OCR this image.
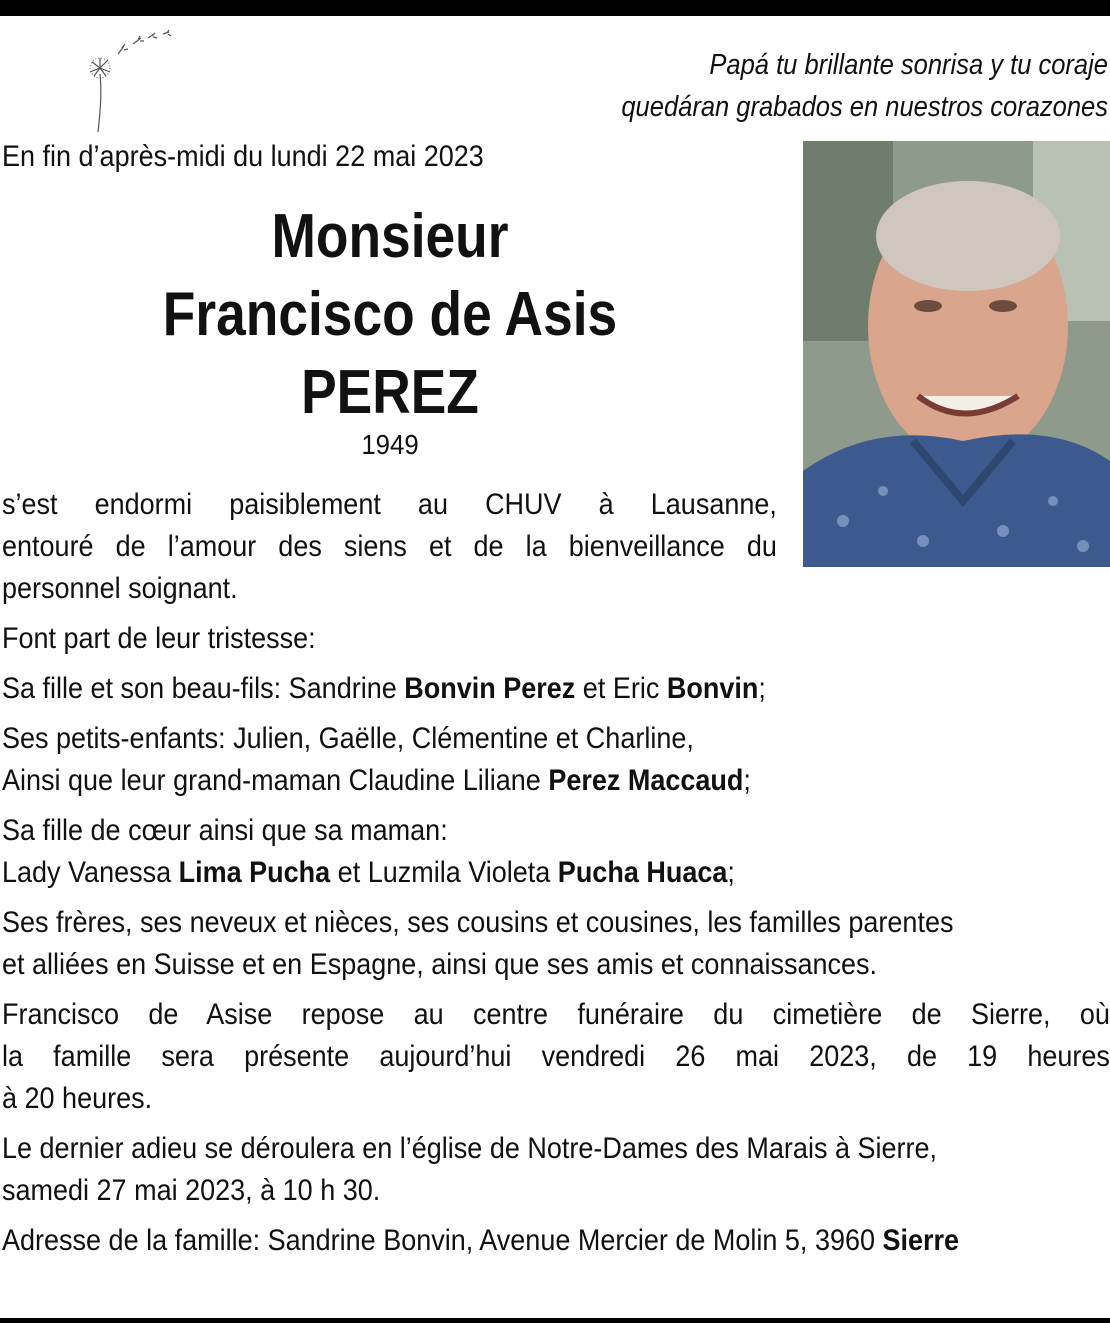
Papá tu brillante sonrisa y tu coraje
quedáran grabados en nuestros corazones
En fin d’après-midi du lundi 22 mai 2023
Monsieur
Francisco de Asis
PEREZ
1949

s’est endormi paisiblement au CHUV à Lausanne,
entouré de l’amour des siens et de la bienveillance du
personnel soignant.

Font part de leur tristesse:

Sa fille et son beau-fils: Sandrine Bonvin Perez et Eric Bonvin;

Ses petits-enfants: Julien, Gaëlle, Clémentine et Charline,
Ainsi que leur grand-maman Claudine Liliane Perez Maccaud;

Sa fille de cœur ainsi que sa maman:
Lady Vanessa Lima Pucha et Luzmila Violeta Pucha Huaca;

Ses frères, ses neveux et nièces, ses cousins et cousines, les familles parentes
et alliées en Suisse et en Espagne, ainsi que ses amis et connaissances.

Francisco de Asise repose au centre funéraire du cimetière de Sierre, où
la famille sera présente aujourd’hui vendredi 26 mai 2023, de 19 heures
à 20 heures.

Le dernier adieu se déroulera en l’église de Notre-Dames des Marais à Sierre,
samedi 27 mai 2023, à 10 h 30.

Adresse de la famille: Sandrine Bonvin, Avenue Mercier de Molin 5, 3960 Sierre
